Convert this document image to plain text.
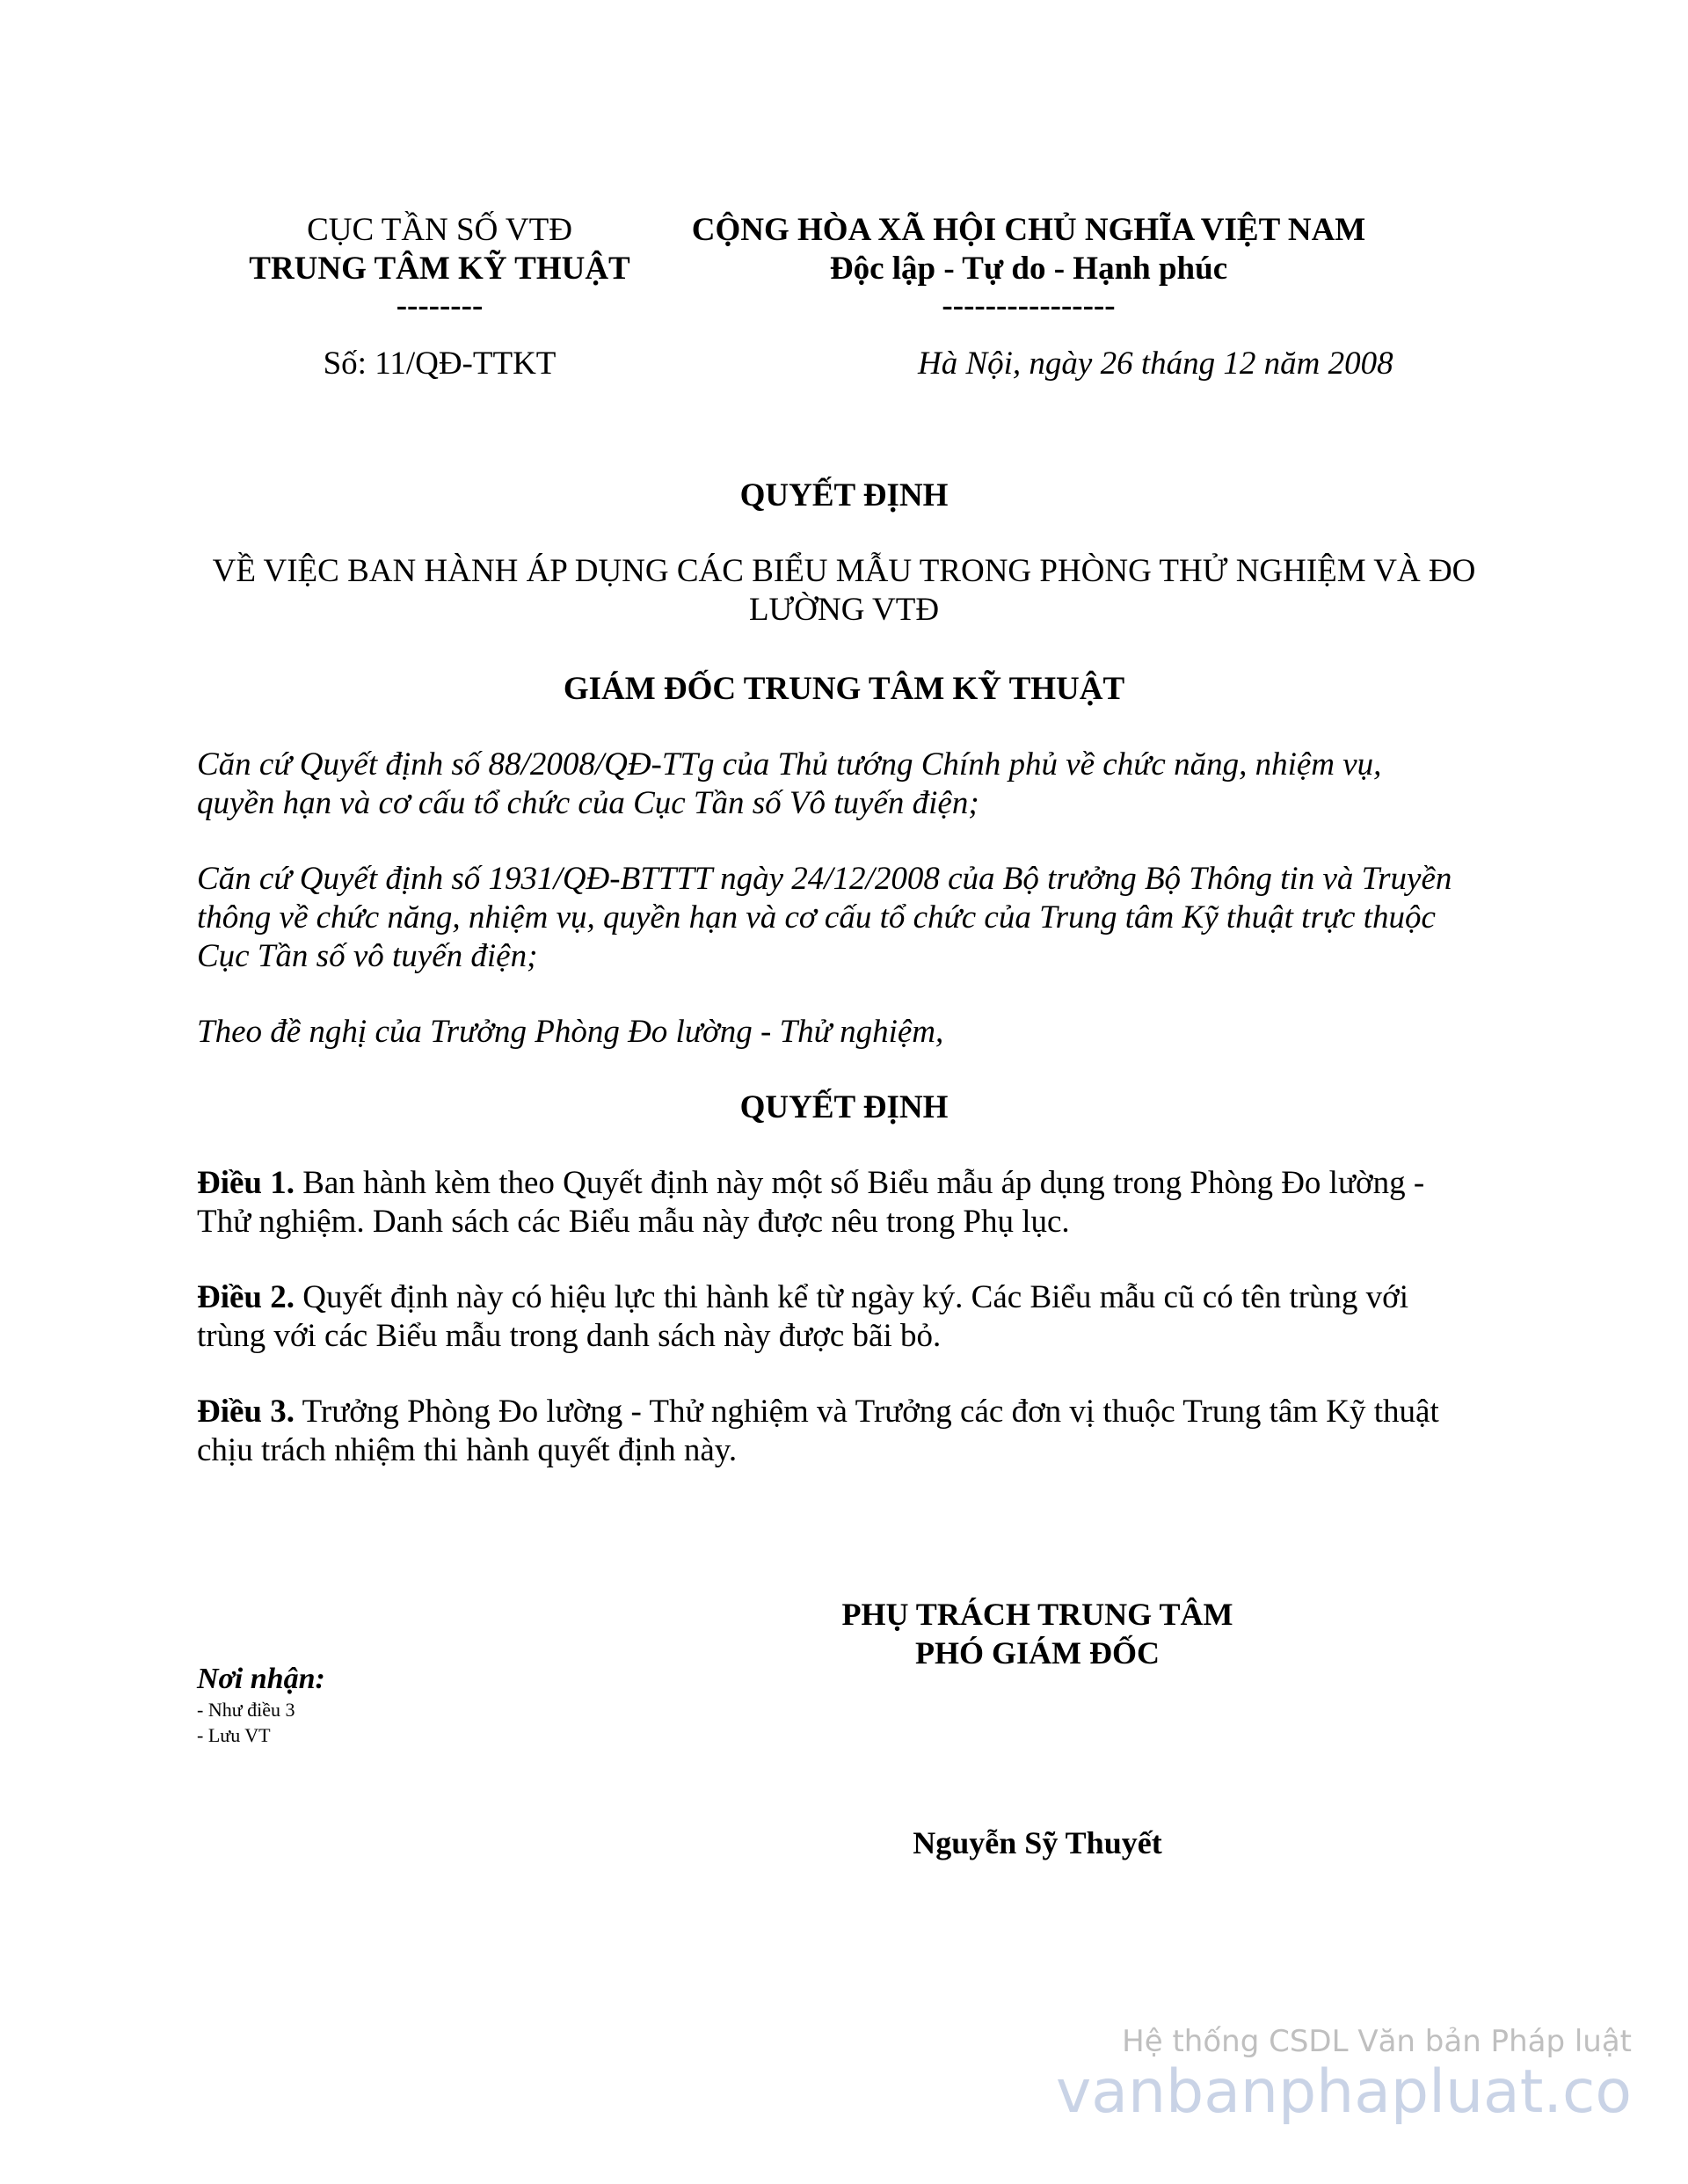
CỤC TẦN SỐ VTĐ
TRUNG TÂM KỸ THUẬT
--------
CỘNG HÒA XÃ HỘI CHỦ NGHĨA VIỆT NAM
Độc lập - Tự do - Hạnh phúc
----------------
Số: 11/QĐ-TTKT	Hà Nội, ngày 26 tháng 12 năm 2008
QUYẾT ĐỊNH
VỀ VIỆC BAN HÀNH ÁP DỤNG CÁC BIỂU MẪU TRONG PHÒNG THỬ NGHIỆM VÀ ĐO
LƯỜNG VTĐ
GIÁM ĐỐC TRUNG TÂM KỸ THUẬT
Căn cứ Quyết định số 88/2008/QĐ-TTg của Thủ tướng Chính phủ về chức năng, nhiệm vụ,
quyền hạn và cơ cấu tổ chức của Cục Tần số Vô tuyến điện;
Căn cứ Quyết định số 1931/QĐ-BTTTT ngày 24/12/2008 của Bộ trưởng Bộ Thông tin và Truyền
thông về chức năng, nhiệm vụ, quyền hạn và cơ cấu tổ chức của Trung tâm Kỹ thuật trực thuộc
Cục Tần số vô tuyến điện;
Theo đề nghị của Trưởng Phòng Đo lường - Thử nghiệm,
QUYẾT ĐỊNH
Điều 1. Ban hành kèm theo Quyết định này một số Biểu mẫu áp dụng trong Phòng Đo lường -
Thử nghiệm. Danh sách các Biểu mẫu này được nêu trong Phụ lục.
Điều 2. Quyết định này có hiệu lực thi hành kể từ ngày ký. Các Biểu mẫu cũ có tên trùng với
trùng với các Biểu mẫu trong danh sách này được bãi bỏ.
Điều 3. Trưởng Phòng Đo lường - Thử nghiệm và Trưởng các đơn vị thuộc Trung tâm Kỹ thuật
chịu trách nhiệm thi hành quyết định này.
PHỤ TRÁCH TRUNG TÂM
PHÓ GIÁM ĐỐC
Nguyễn Sỹ Thuyết
Nơi nhận:
- Như điều 3
- Lưu VT
Hệ thống CSDL Văn bản Pháp luật
vanbanphapluat.co
